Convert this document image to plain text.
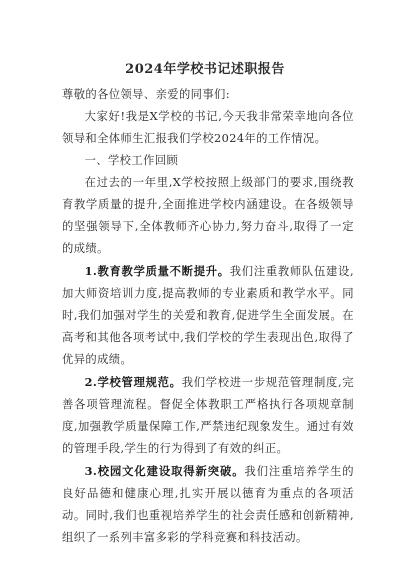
2024年学校书记述职报告

尊敬的各位领导、亲爱的同事们:

大家好!我是X学校的书记,今天我非常荣幸地向各位领导和全体师生汇报我们学校2024年的工作情况。

一、学校工作回顾

在过去的一年里,X学校按照上级部门的要求,围绕教育教学质量的提升,全面推进学校内涵建设。在各级领导的坚强领导下,全体教师齐心协力,努力奋斗,取得了一定的成绩。

1.教育教学质量不断提升。我们注重教师队伍建设,加大师资培训力度,提高教师的专业素质和教学水平。同时,我们加强对学生的关爱和教育,促进学生全面发展。在高考和其他各项考试中,我们学校的学生表现出色,取得了优异的成绩。

2.学校管理规范。我们学校进一步规范管理制度,完善各项管理流程。督促全体教职工严格执行各项规章制度,加强教学质量保障工作,严禁违纪现象发生。通过有效的管理手段,学生的行为得到了有效的纠正。

3.校园文化建设取得新突破。我们注重培养学生的良好品德和健康心理,扎实开展以德育为重点的各项活动。同时,我们也重视培养学生的社会责任感和创新精神,组织了一系列丰富多彩的学科竞赛和科技活动。
